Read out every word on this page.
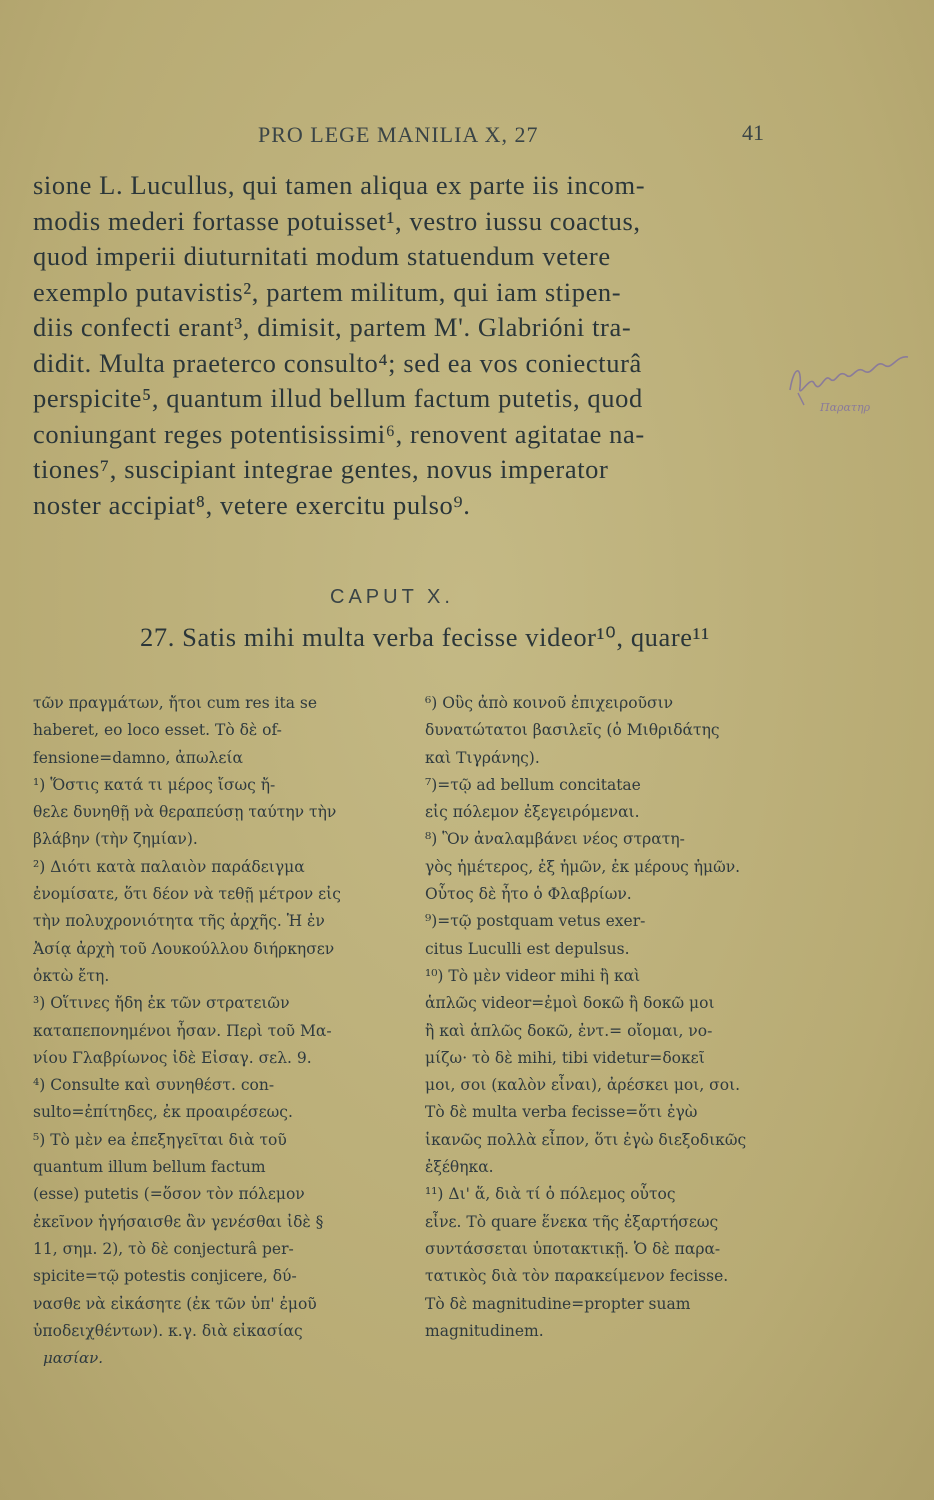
PRO LEGE MANILIA X, 27	41
sione L. Lucullus, qui tamen aliqua ex parte iis incom-
modis mederi fortasse potuisset¹, vestro iussu coactus,
quod imperii diuturnitati modum statuendum vetere
exemplo putavistis², partem militum, qui iam stipen-
diis confecti erant³, dimisit, partem M'. Glabrióni tra-
didit. Multa praeterco consulto⁴; sed ea vos coniecturâ
perspicite⁵, quantum illud bellum factum putetis, quod
coniungant reges potentisissimi⁶, renovent agitatae na-
tiones⁷, suscipiant integrae gentes, novus imperator
noster accipiat⁸, vetere exercitu pulso⁹.
Παρατηρ
CAPUT X.
27. Satis mihi multa verba fecisse videor¹⁰, quare¹¹
τῶν πραγμάτων, ἤτοι cum res ita se
haberet, eo loco esset. Τὸ δὲ of-
fensione=damno, ἀπωλεία
¹) Ὅστις κατά τι μέρος ἴσως ἤ-
θελε δυνηθῇ νὰ θεραπεύσῃ ταύτην τὴν
βλάβην (τὴν ζημίαν).
²) Διότι κατὰ παλαιὸν παράδειγμα
ἐνομίσατε, ὅτι δέον νὰ τεθῇ μέτρον εἰς
τὴν πολυχρονιότητα τῆς ἀρχῆς. Ἡ ἐν
Ἀσίᾳ ἀρχὴ τοῦ Λουκούλλου διήρκησεν
ὀκτὼ ἔτη.
³) Οἵτινες ἤδη ἐκ τῶν στρατειῶν
καταπεπονημένοι ἦσαν. Περὶ τοῦ Μα-
νίου Γλαβρίωνος ἰδὲ Εἰσαγ. σελ. 9.
⁴) Consulte καὶ συνηθέστ. con-
sulto=ἐπίτηδες, ἐκ προαιρέσεως.
⁵) Τὸ μὲν ea ἐπεξηγεῖται διὰ τοῦ
quantum illum bellum factum
(esse) putetis (=ὅσον τὸν πόλεμον
ἐκεῖνον ἡγήσαισθε ἂν γενέσθαι ἰδὲ §
11, σημ. 2), τὸ δὲ conjecturâ per-
spicite=τῷ potestis conjicere, δύ-
νασθε νὰ εἰκάσητε (ἐκ τῶν ὑπ' ἐμοῦ
ὑποδειχθέντων). κ.γ. διὰ εἰκασίας
μασίαν.
⁶) Οὓς ἀπὸ κοινοῦ ἐπιχειροῦσιν
δυνατώτατοι βασιλεῖς (ὁ Μιθριδάτης
καὶ Τιγράνης).
⁷)=τῷ ad bellum concitatae
εἰς πόλεμον ἐξεγειρόμεναι.
⁸) Ὃν ἀναλαμβάνει νέος στρατη-
γὸς ἡμέτερος, ἐξ ἡμῶν, ἐκ μέρους ἡμῶν.
Οὗτος δὲ ἦτο ὁ Φλαβρίων.
⁹)=τῷ postquam vetus exer-
citus Luculli est depulsus.
¹⁰) Τὸ μὲν videor mihi ἢ καὶ
ἁπλῶς videor=ἐμοὶ δοκῶ ἢ δοκῶ μοι
ἢ καὶ ἁπλῶς δοκῶ, ἐντ.= οἴομαι, νο-
μίζω· τὸ δὲ mihi, tibi videtur=δοκεῖ
μοι, σοι (καλὸν εἶναι), ἀρέσκει μοι, σοι.
Τὸ δὲ multa verba fecisse=ὅτι ἐγὼ
ἱκανῶς πολλὰ εἶπον, ὅτι ἐγὼ διεξοδικῶς
ἐξέθηκα.
¹¹) Δι' ἅ, διὰ τί ὁ πόλεμος οὗτος
εἶνε. Τὸ quare ἕνεκα τῆς ἐξαρτήσεως
συντάσσεται ὑποτακτικῇ. Ὁ δὲ παρα-
τατικὸς διὰ τὸν παρακείμενον fecisse.
Τὸ δὲ magnitudine=propter suam
magnitudinem.
